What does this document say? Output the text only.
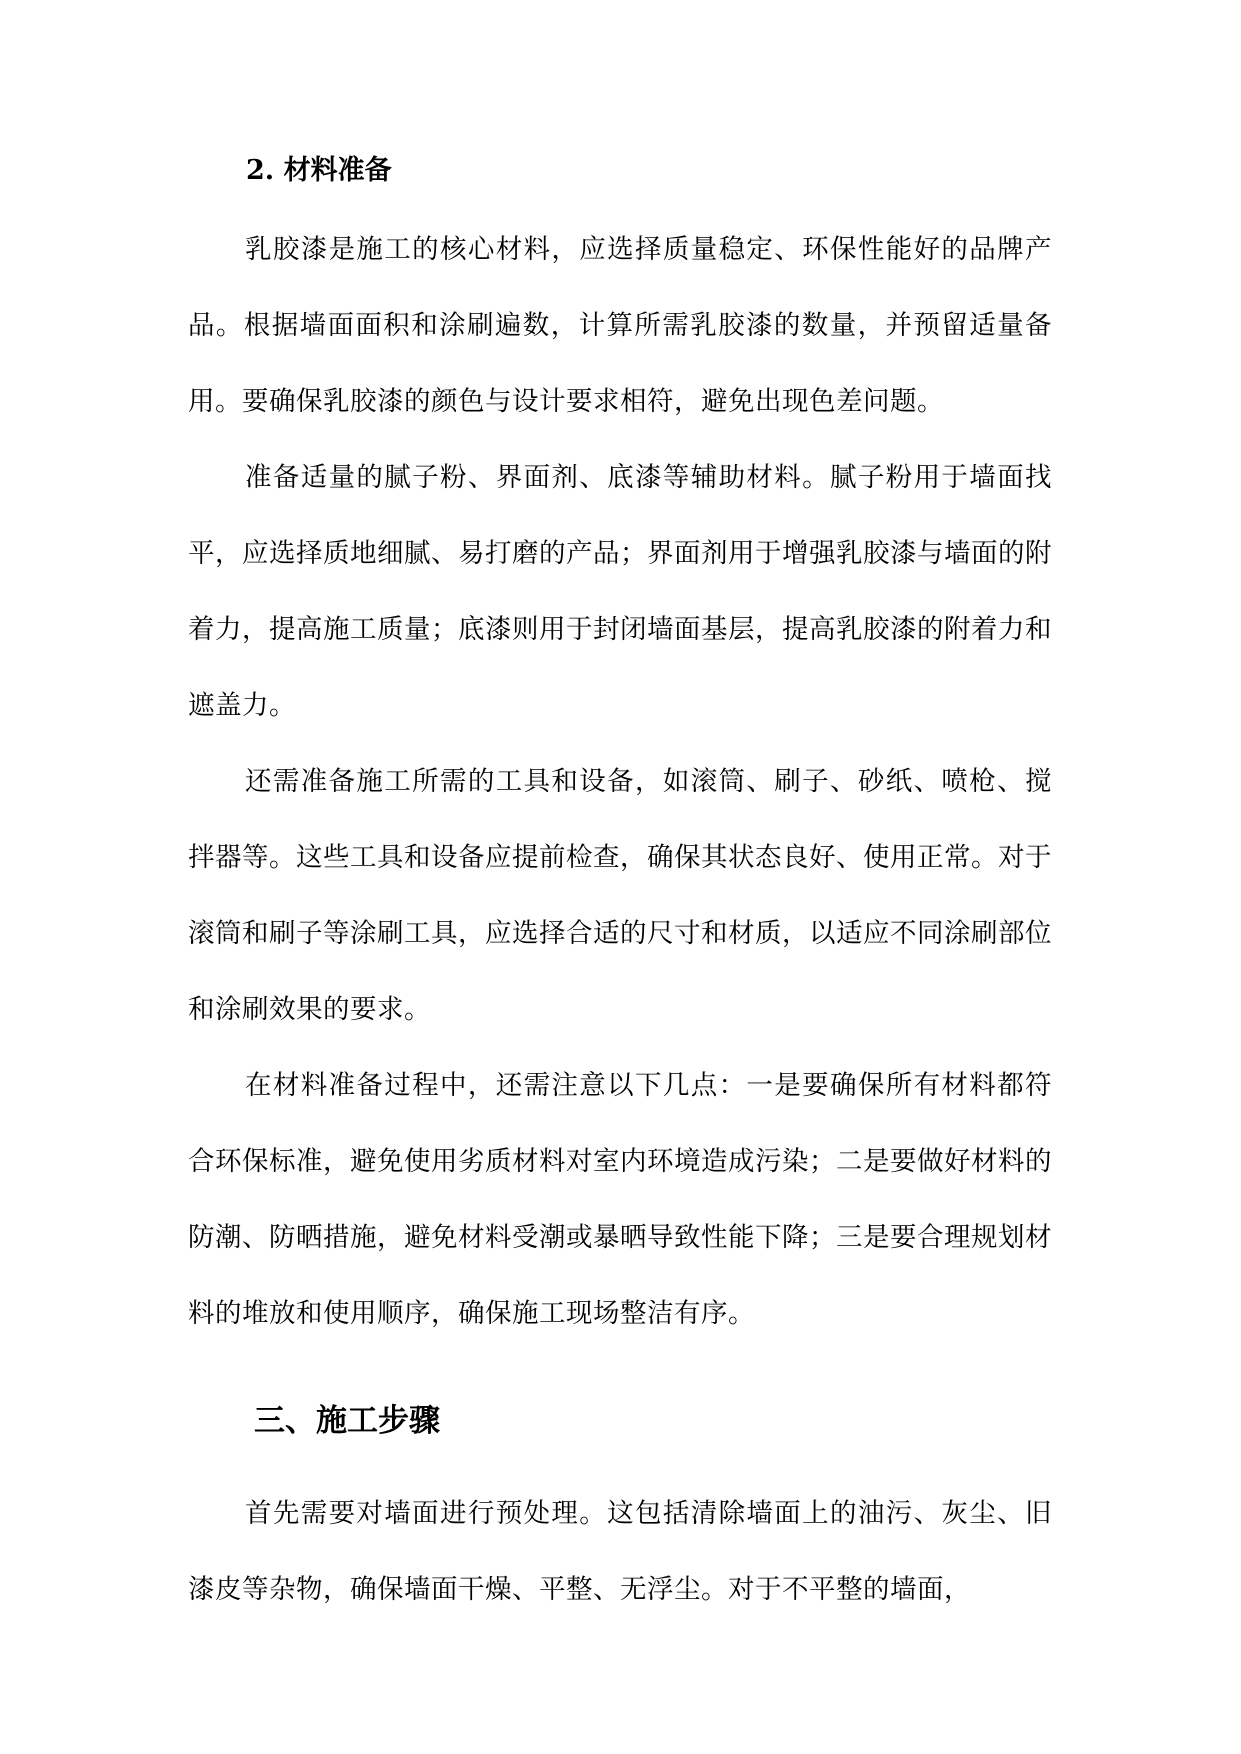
2. 材料准备

乳胶漆是施工的核心材料，应选择质量稳定、环保性能好的品牌产品。根据墙面面积和涂刷遍数，计算所需乳胶漆的数量，并预留适量备用。要确保乳胶漆的颜色与设计要求相符，避免出现色差问题。

准备适量的腻子粉、界面剂、底漆等辅助材料。腻子粉用于墙面找平，应选择质地细腻、易打磨的产品；界面剂用于增强乳胶漆与墙面的附着力，提高施工质量；底漆则用于封闭墙面基层，提高乳胶漆的附着力和遮盖力。

还需准备施工所需的工具和设备，如滚筒、刷子、砂纸、喷枪、搅拌器等。这些工具和设备应提前检查，确保其状态良好、使用正常。对于滚筒和刷子等涂刷工具，应选择合适的尺寸和材质，以适应不同涂刷部位和涂刷效果的要求。

在材料准备过程中，还需注意以下几点：一是要确保所有材料都符合环保标准，避免使用劣质材料对室内环境造成污染；二是要做好材料的防潮、防晒措施，避免材料受潮或暴晒导致性能下降；三是要合理规划材料的堆放和使用顺序，确保施工现场整洁有序。

三、施工步骤

首先需要对墙面进行预处理。这包括清除墙面上的油污、灰尘、旧漆皮等杂物，确保墙面干燥、平整、无浮尘。对于不平整的墙面，
